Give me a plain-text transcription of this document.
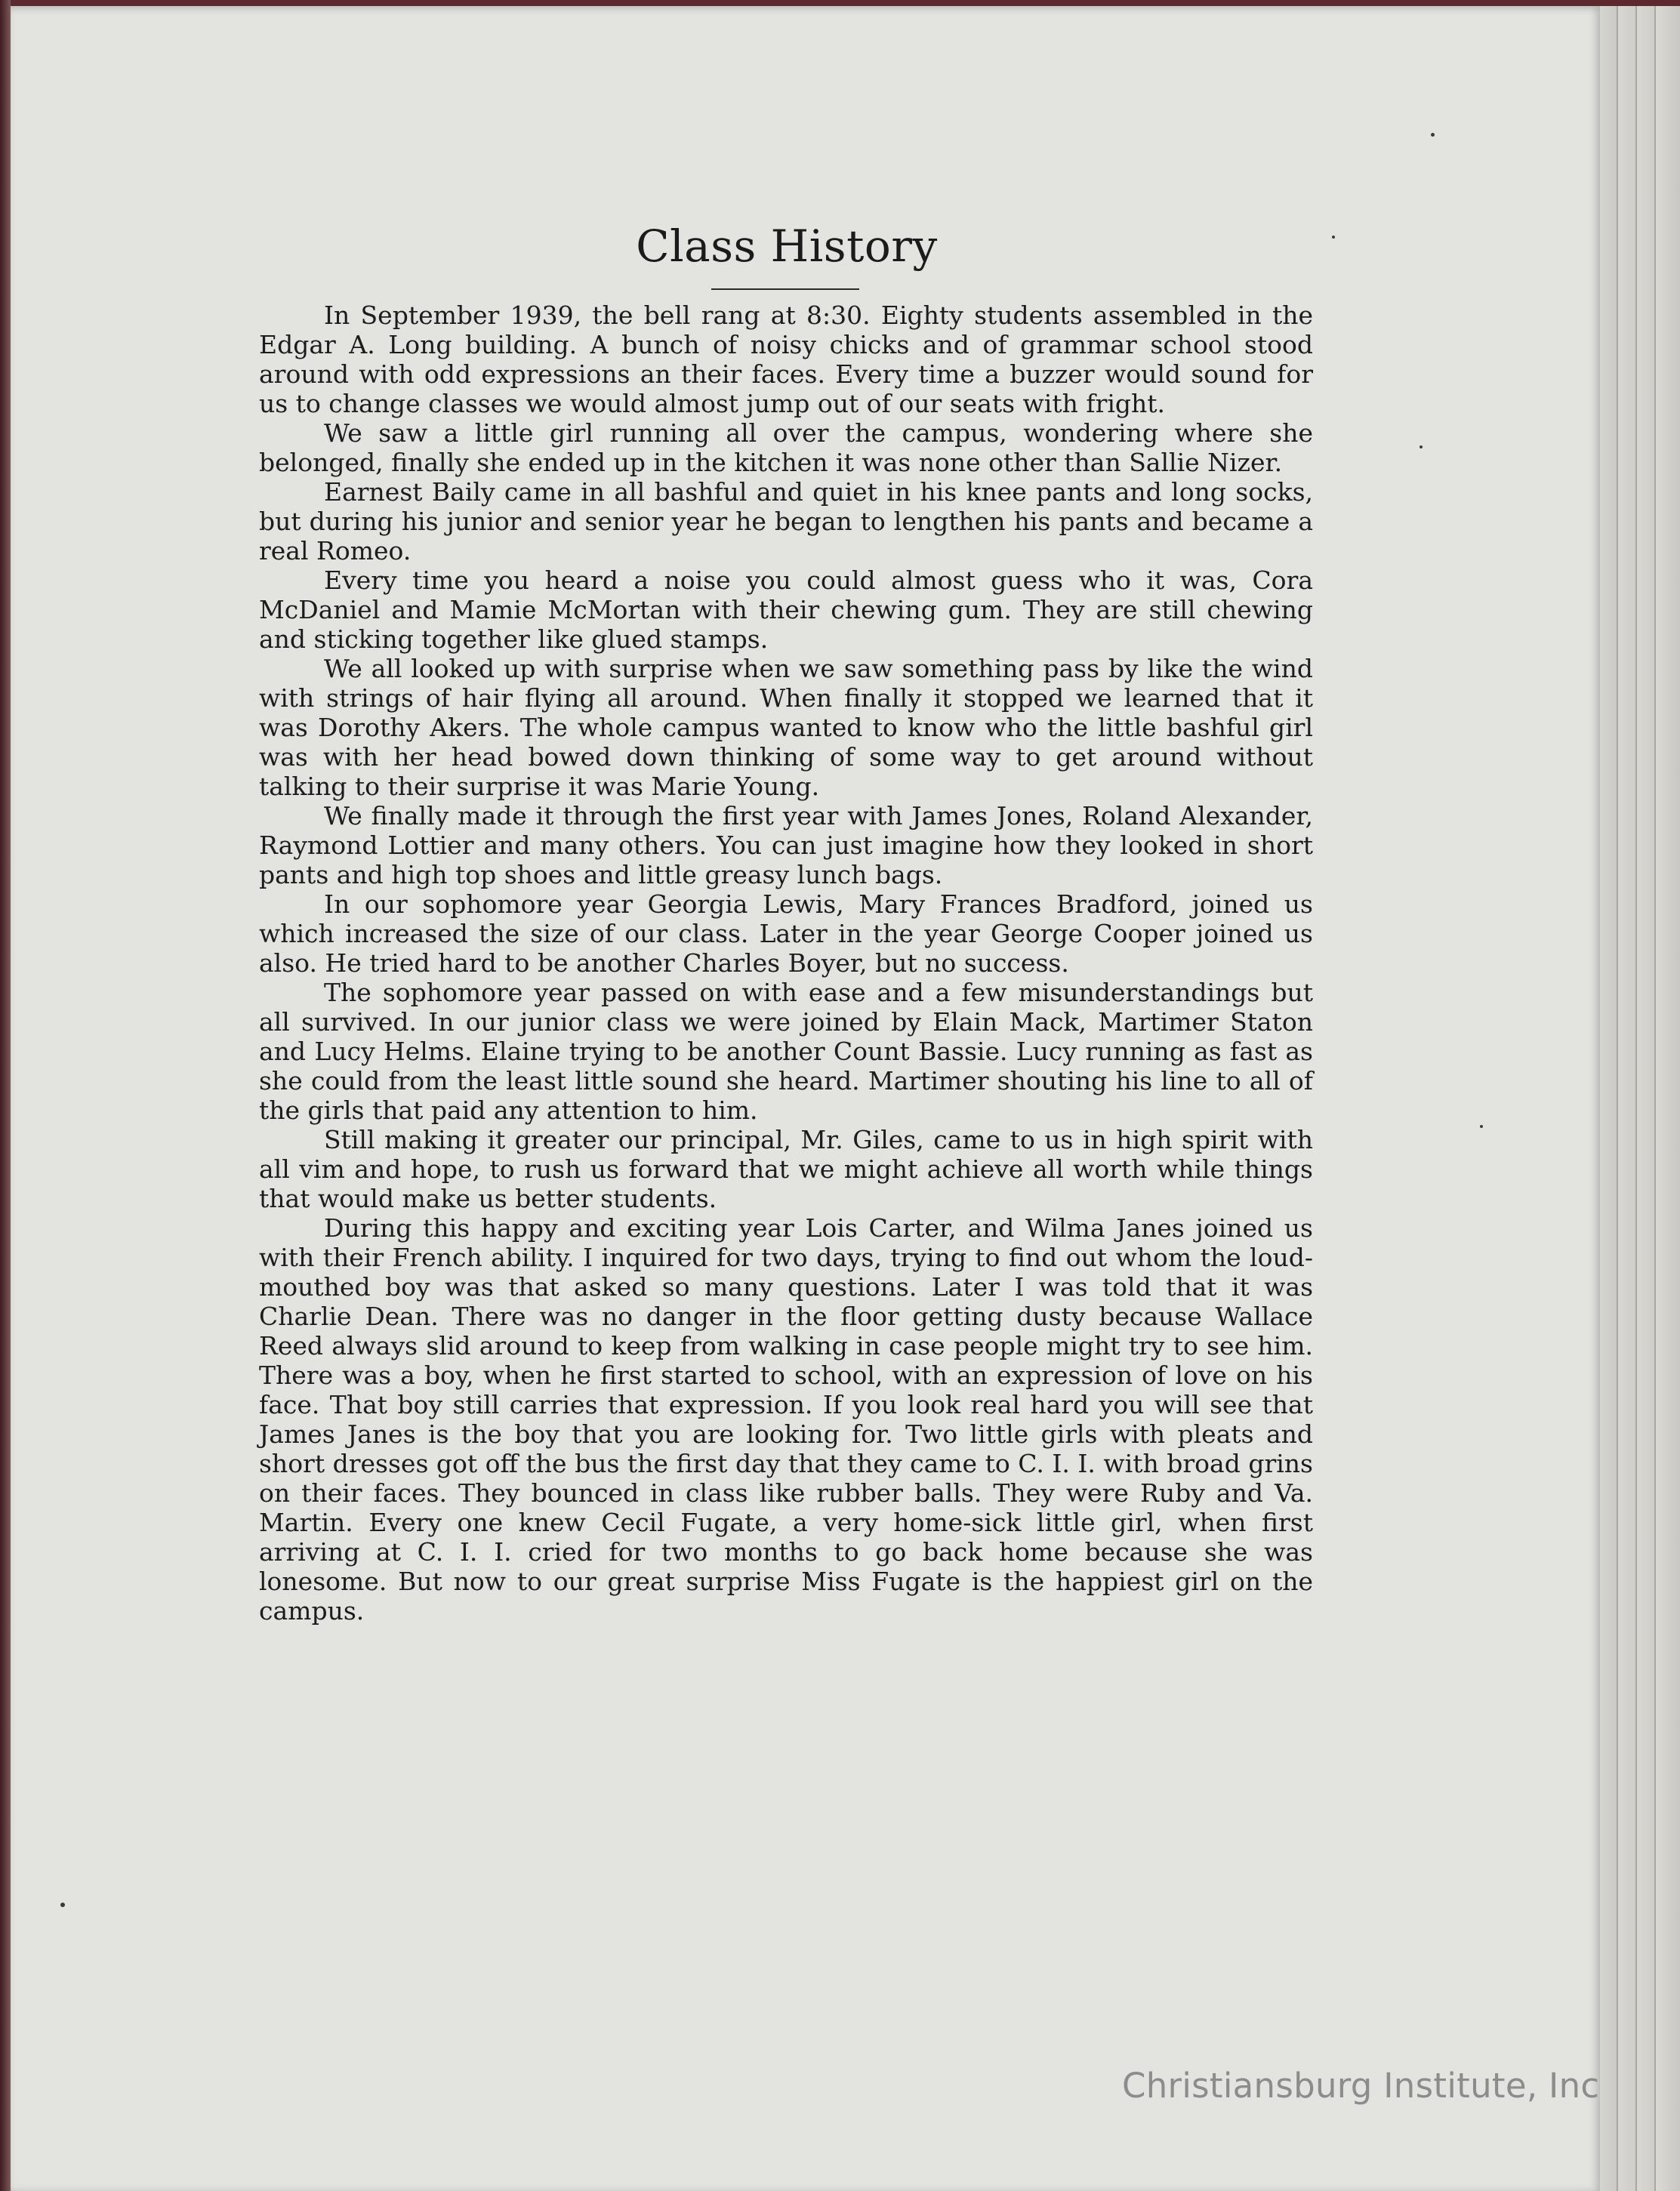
Class History

In September 1939, the bell rang at 8:30. Eighty students assembled in the Edgar A. Long building. A bunch of noisy chicks and of grammar school stood around with odd expressions an their faces. Every time a buzzer would sound for us to change classes we would almost jump out of our seats with fright.

We saw a little girl running all over the campus, wondering where she belonged, finally she ended up in the kitchen it was none other than Sallie Nizer.

Earnest Baily came in all bashful and quiet in his knee pants and long socks, but during his junior and senior year he began to lengthen his pants and became a real Romeo.

Every time you heard a noise you could almost guess who it was, Cora McDaniel and Mamie McMortan with their chewing gum. They are still chewing and sticking together like glued stamps.

We all looked up with surprise when we saw something pass by like the wind with strings of hair flying all around. When finally it stopped we learned that it was Dorothy Akers. The whole campus wanted to know who the little bashful girl was with her head bowed down thinking of some way to get around without talking to their surprise it was Marie Young.

We finally made it through the first year with James Jones, Roland Alexander, Raymond Lottier and many others. You can just imagine how they looked in short pants and high top shoes and little greasy lunch bags.

In our sophomore year Georgia Lewis, Mary Frances Bradford, joined us which increased the size of our class. Later in the year George Cooper joined us also. He tried hard to be another Charles Boyer, but no success.

The sophomore year passed on with ease and a few misunderstandings but all survived. In our junior class we were joined by Elain Mack, Martimer Staton and Lucy Helms. Elaine trying to be another Count Bassie. Lucy running as fast as she could from the least little sound she heard. Martimer shouting his line to all of the girls that paid any attention to him.

Still making it greater our principal, Mr. Giles, came to us in high spirit with all vim and hope, to rush us forward that we might achieve all worth while things that would make us better students.

During this happy and exciting year Lois Carter, and Wilma Janes joined us with their French ability. I inquired for two days, trying to find out whom the loud-mouthed boy was that asked so many questions. Later I was told that it was Charlie Dean. There was no danger in the floor getting dusty because Wallace Reed always slid around to keep from walking in case people might try to see him. There was a boy, when he first started to school, with an expression of love on his face. That boy still carries that expression. If you look real hard you will see that James Janes is the boy that you are looking for. Two little girls with pleats and short dresses got off the bus the first day that they came to C. I. I. with broad grins on their faces. They bounced in class like rubber balls. They were Ruby and Va. Martin. Every one knew Cecil Fugate, a very home-sick little girl, when first arriving at C. I. I. cried for two months to go back home because she was lonesome. But now to our great surprise Miss Fugate is the happiest girl on the campus.

Christiansburg Institute, Inc
